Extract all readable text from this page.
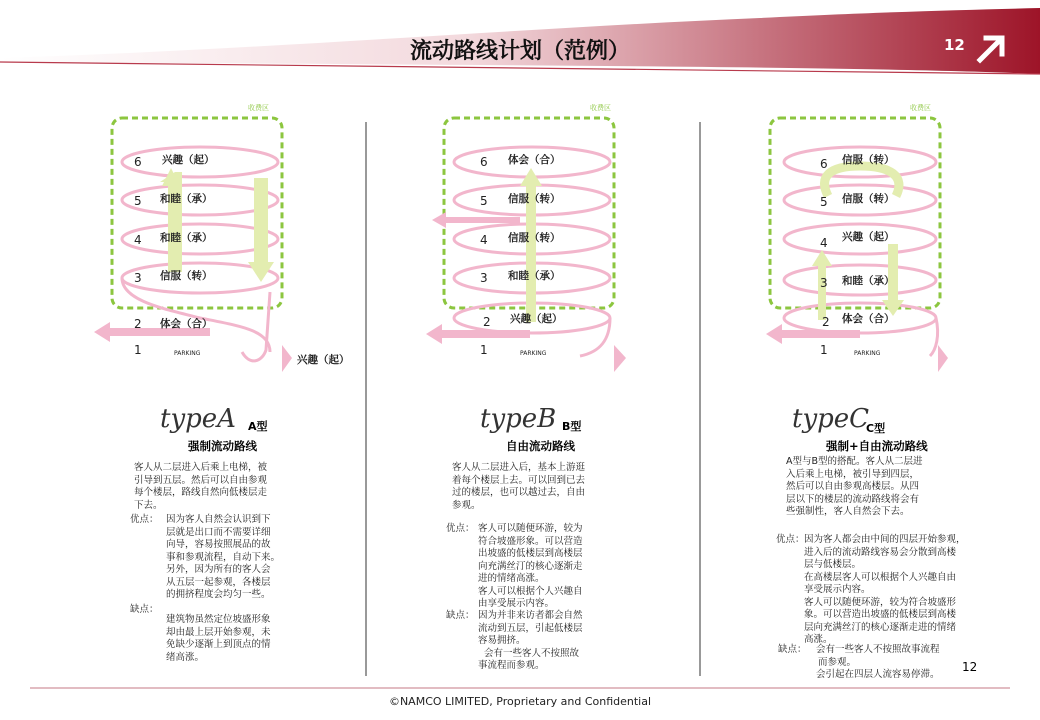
流动路线计划（范例）	12
收费区
6
5
4
3
2
1
兴趣（起）
和睦（承）
和睦（承）
信服（转）
体会（合）
PARKING
兴趣（起）
typeA A型
强制流动路线
客人从二层进入后乘上电梯，被
引导到五层。然后可以自由参观
每个楼层，路线自然向低楼层走
下去。
优点： 因为客人自然会认识到下
层就是出口而不需要详细
向导，容易按照展品的故
事和参观流程，自动下来。
另外，因为所有的客人会
从五层一起参观，各楼层
的拥挤程度会均匀一些。
缺点：
建筑物虽然定位坡盛形象
却由最上层开始参观，未
免缺少逐渐上到顶点的情
绪高涨。
收费区
6
5
4
3
2
1
体会（合）
信服（转）
信服（转）
和睦（承）
兴趣（起）
PARKING
typeB B型
自由流动路线
客人从二层进入后，基本上游逛
着每个楼层上去。可以回到已去
过的楼层，也可以越过去，自由
参观。
优点： 客人可以随便环游，较为
符合坡盛形象。可以营造
出坡盛的低楼层到高楼层
向充满丝汀的核心逐渐走
进的情绪高涨。
客人可以根据个人兴趣自
由享受展示内容。
缺点： 因为并非来访者都会自然
流动到五层，引起低楼层
容易拥挤。
会有一些客人不按照故
事流程而参观。
收费区
6
5
4
3
2
1
信服（转）
信服（转）
兴趣（起）
和睦（承）
体会（合）
PARKING
typeC
C型
强制+自由流动路线
A型与B型的搭配。客人从二层进
入后乘上电梯，被引导到四层，
然后可以自由参观高楼层。从四
层以下的楼层的流动路线将会有
些强制性，客人自然会下去。
优点： 因为客人都会由中间的四层开始参观，
进入后的流动路线容易会分散到高楼
层与低楼层。
在高楼层客人可以根据个人兴趣自由
享受展示内容。
客人可以随便环游，较为符合坡盛形
象。可以营造出坡盛的低楼层到高楼
层向充满丝汀的核心逐渐走进的情绪
高涨。
缺点： 会有一些客人不按照故事流程
而参观。
会引起在四层人流容易停滞。
12
©NAMCO LIMITED, Proprietary and Confidential
